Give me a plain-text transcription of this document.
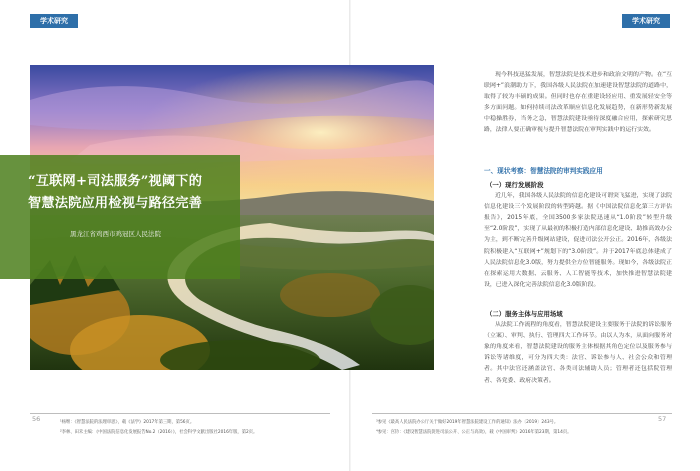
学术研究	学术研究
“互联网+司法服务”视阈下的
智慧法院应用检视与路径完善
黑龙江省鸡西市鸡冠区人民法院

现今科技迅猛发展，智慧法院是技术进步和政治文明的产物。在“互联网+”浪潮助力下，我国各级人民法院在加速建设智慧法院的道路中，取得了较为丰硕的成果。但同时也存在重建设轻应用、重发展轻安全等多方面问题。如何持续司法改革顺应信息化发展趋势，在新形势新发展中稳操胜券，当务之急，智慧法院建设亟待深度融合应用，探索研究思路，法律人要正确审视与提升智慧法院在审判实践中的运行实效。

一、现状考察：智慧法院的审判实践应用
（一）现行发展阶段

近几年，我国各级人民法院的信息化建设可谓突飞猛进，实现了法院信息化建设三个发展阶段的转型跨越。据《中国法院信息化第三方评估报告》，2015年底，全国3500多家法院迅速从“1.0阶段”转型升级至“2.0阶段”，实现了从最初的积极打造内部信息化建设、助推高效办公为主，到不断完善升级网站建设，促进司法公开公正。2016年，各级法院积极建入“互联网+”规划下的“3.0阶段”。并于2017年底总体建成了人民法院信息化3.0版，努力提供全方位智能服务。现如今，各级法院正在探索运用大数据、云服务、人工智能等技术，加快推进智慧法院建设，已进入深化完善法院信息化3.0版阶段。

（二）服务主体与应用场域

从法院工作流程的角度看，智慧法院建设主要服务于法院的诉讼服务（立案）、审判、执行、管理四大工作环节。由以人为本，从面向服务对象的角度来看，智慧法院建设的服务主体根据其角色定位以及服务参与诉讼等诸维度，可分为四大类：法官、诉讼参与人、社会公众和管理者。其中法官还涵盖法官、各类司法辅助人员；管理者还包括院管理者、各党委、政府决策者。

56	57
¹杨继：《智慧法院的法理审思》，载《法学》2017年第三期，第56页。
²李林、田禾主编：《中国法院信息化发展报告No.2（2016）》，社会科学文献出版社2016年版，第2页。
³参见《最高人民法院办公厅关于做好2019年智慧法院建设工作的通知》法办〔2019〕243号。
⁴参见：宫钤：《建设智慧法院促进司法公开、公正与高效》，载《中国审判》2016年第23期，第14页。
